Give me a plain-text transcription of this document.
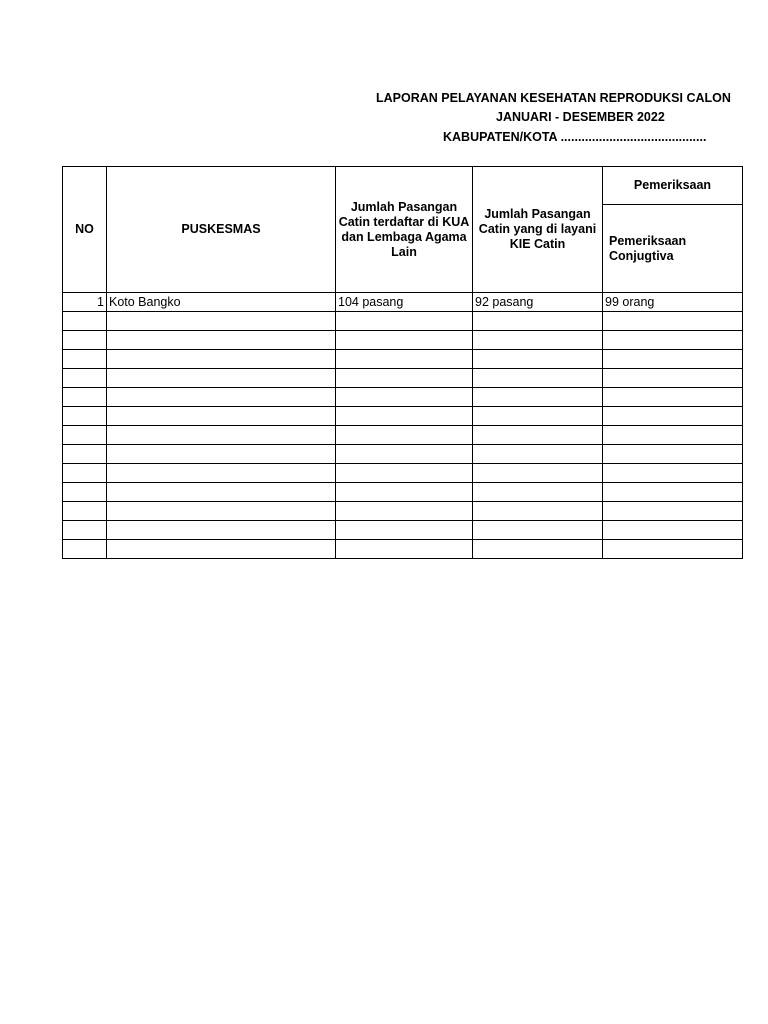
LAPORAN PELAYANAN KESEHATAN REPRODUKSI CALON
JANUARI - DESEMBER 2022
KABUPATEN/KOTA ..........................................
NO	PUSKESMAS	Jumlah Pasangan Catin terdaftar di KUA dan Lembaga Agama Lain	Jumlah Pasangan Catin yang di layani KIE Catin	Pemeriksaan
				Pemeriksaan Conjugtiva
1	Koto Bangko	104 pasang	92 pasang	99 orang
